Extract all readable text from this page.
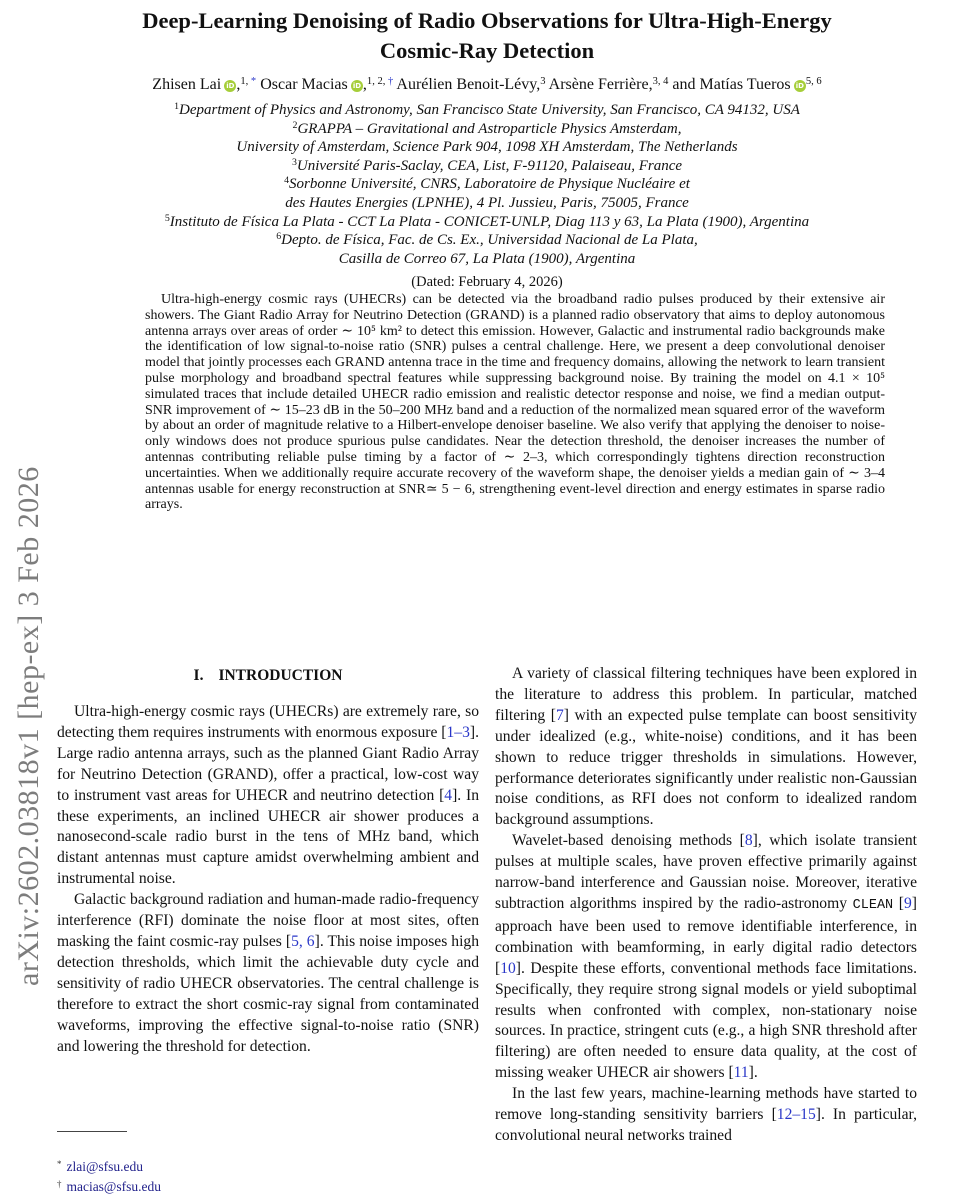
arXiv:2602.03818v1 [hep-ex] 3 Feb 2026
Deep-Learning Denoising of Radio Observations for Ultra-High-Energy
Cosmic-Ray Detection
Zhisen Lai  iD ,$^{1, *}$ Oscar Macias  iD ,$^{1, 2, \dagger}$ Aurélien Benoit-Lévy,$^3$ Arsène Ferrière,$^{3, 4}$ and Matías Tueros  iD $^{5, 6}$
$^1$Department of Physics and Astronomy, San Francisco State University, San Francisco, CA 94132, USA
$^2$GRAPPA – Gravitational and Astroparticle Physics Amsterdam,
University of Amsterdam, Science Park 904, 1098 XH Amsterdam, The Netherlands
$^3$Université Paris-Saclay, CEA, List, F-91120, Palaiseau, France
$^4$Sorbonne Université, CNRS, Laboratoire de Physique Nucléaire et
des Hautes Energies (LPNHE), 4 Pl. Jussieu, Paris, 75005, France
$^5$Instituto de Física La Plata - CCT La Plata - CONICET-UNLP, Diag 113 y 63, La Plata (1900), Argentina
$^6$Depto. de Física, Fac. de Cs. Ex., Universidad Nacional de La Plata,
Casilla de Correo 67, La Plata (1900), Argentina
(Dated: February 4, 2026)
Ultra-high-energy cosmic rays (UHECRs) can be detected via the broadband radio pulses produced by their extensive air showers. The Giant Radio Array for Neutrino Detection (GRAND) is a planned radio observatory that aims to deploy autonomous antenna arrays over areas of order ∼ 10⁵ km² to detect this emission. However, Galactic and instrumental radio backgrounds make the identification of low signal-to-noise ratio (SNR) pulses a central challenge. Here, we present a deep convolutional denoiser model that jointly processes each GRAND antenna trace in the time and frequency domains, allowing the network to learn transient pulse morphology and broadband spectral features while suppressing background noise. By training the model on 4.1 × 10⁵ simulated traces that include detailed UHECR radio emission and realistic detector response and noise, we find a median output-SNR improvement of ∼ 15–23 dB in the 50–200 MHz band and a reduction of the normalized mean squared error of the waveform by about an order of magnitude relative to a Hilbert-envelope denoiser baseline. We also verify that applying the denoiser to noise-only windows does not produce spurious pulse candidates. Near the detection threshold, the denoiser increases the number of antennas contributing reliable pulse timing by a factor of ∼ 2–3, which correspondingly tightens direction reconstruction uncertainties. When we additionally require accurate recovery of the waveform shape, the denoiser yields a median gain of ∼ 3–4 antennas usable for energy reconstruction at SNR≃ 5 − 6, strengthening event-level direction and energy estimates in sparse radio arrays.
I. INTRODUCTION

Ultra-high-energy cosmic rays (UHECRs) are extremely rare, so detecting them requires instruments with enormous exposure [ 1–3 ] . Large radio antenna arrays, such as the planned Giant Radio Array for Neutrino Detection (GRAND), offer a practical, low-cost way to instrument vast areas for UHECR and neutrino detection [ 4 ] . In these experiments, an inclined UHECR air shower produces a nanosecond-scale radio burst in the tens of MHz band, which distant antennas must capture amidst overwhelming ambient and instrumental noise.

Galactic background radiation and human-made radio-frequency interference (RFI) dominate the noise floor at most sites, often masking the faint cosmic-ray pulses [ 5, 6 ] . This noise imposes high detection thresholds, which limit the achievable duty cycle and sensitivity of radio UHECR observatories. The central challenge is therefore to extract the short cosmic-ray signal from contaminated waveforms, improving the effective signal-to-noise ratio (SNR) and lowering the threshold for detection.

* zlai@sfsu.edu
† macias@sfsu.edu

A variety of classical filtering techniques have been explored in the literature to address this problem. In particular, matched filtering [ 7 ] with an expected pulse template can boost sensitivity under idealized (e.g., white-noise) conditions, and it has been shown to reduce trigger thresholds in simulations. However, performance deteriorates significantly under realistic non-Gaussian noise conditions, as RFI does not conform to idealized random background assumptions.

Wavelet-based denoising methods [ 8 ] , which isolate transient pulses at multiple scales, have proven effective primarily against narrow-band interference and Gaussian noise. Moreover, iterative subtraction algorithms inspired by the radio-astronomy CLEAN [ 9 ] approach have been used to remove identifiable interference, in combination with beamforming, in early digital radio detectors [ 10 ] . Despite these efforts, conventional methods face limitations. Specifically, they require strong signal models or yield suboptimal results when confronted with complex, non-stationary noise sources. In practice, stringent cuts (e.g., a high SNR threshold after filtering) are often needed to ensure data quality, at the cost of missing weaker UHECR air showers [ 11 ] .

In the last few years, machine-learning methods have started to remove long-standing sensitivity barriers [ 12–15 ] . In particular, convolutional neural networks trained
